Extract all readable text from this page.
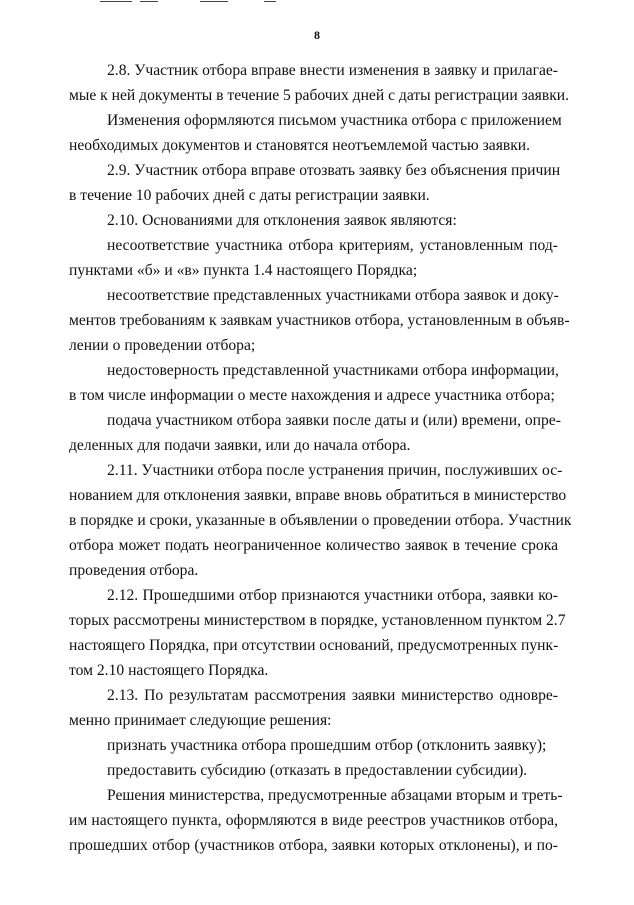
8
2.8. Участник отбора вправе внести изменения в заявку и прилагае-
мые к ней документы в течение 5 рабочих дней с даты регистрации заявки.
Изменения оформляются письмом участника отбора с приложением
необходимых документов и становятся неотъемлемой частью заявки.
2.9. Участник отбора вправе отозвать заявку без объяснения причин
в течение 10 рабочих дней с даты регистрации заявки.
2.10. Основаниями для отклонения заявок являются:
несоответствие участника отбора критериям, установленным под-
пунктами «б» и «в» пункта 1.4 настоящего Порядка;
несоответствие представленных участниками отбора заявок и доку-
ментов требованиям к заявкам участников отбора, установленным в объяв-
лении о проведении отбора;
недостоверность представленной участниками отбора информации,
в том числе информации о месте нахождения и адресе участника отбора;
подача участником отбора заявки после даты и (или) времени, опре-
деленных для подачи заявки, или до начала отбора.
2.11. Участники отбора после устранения причин, послуживших ос-
нованием для отклонения заявки, вправе вновь обратиться в министерство
в порядке и сроки, указанные в объявлении о проведении отбора. Участник
отбора может подать неограниченное количество заявок в течение срока
проведения отбора.
2.12. Прошедшими отбор признаются участники отбора, заявки ко-
торых рассмотрены министерством в порядке, установленном пунктом 2.7
настоящего Порядка, при отсутствии оснований, предусмотренных пунк-
том 2.10 настоящего Порядка.
2.13. По результатам рассмотрения заявки министерство одновре-
менно принимает следующие решения:
признать участника отбора прошедшим отбор (отклонить заявку);
предоставить субсидию (отказать в предоставлении субсидии).
Решения министерства, предусмотренные абзацами вторым и треть-
им настоящего пункта, оформляются в виде реестров участников отбора,
прошедших отбор (участников отбора, заявки которых отклонены), и по-
